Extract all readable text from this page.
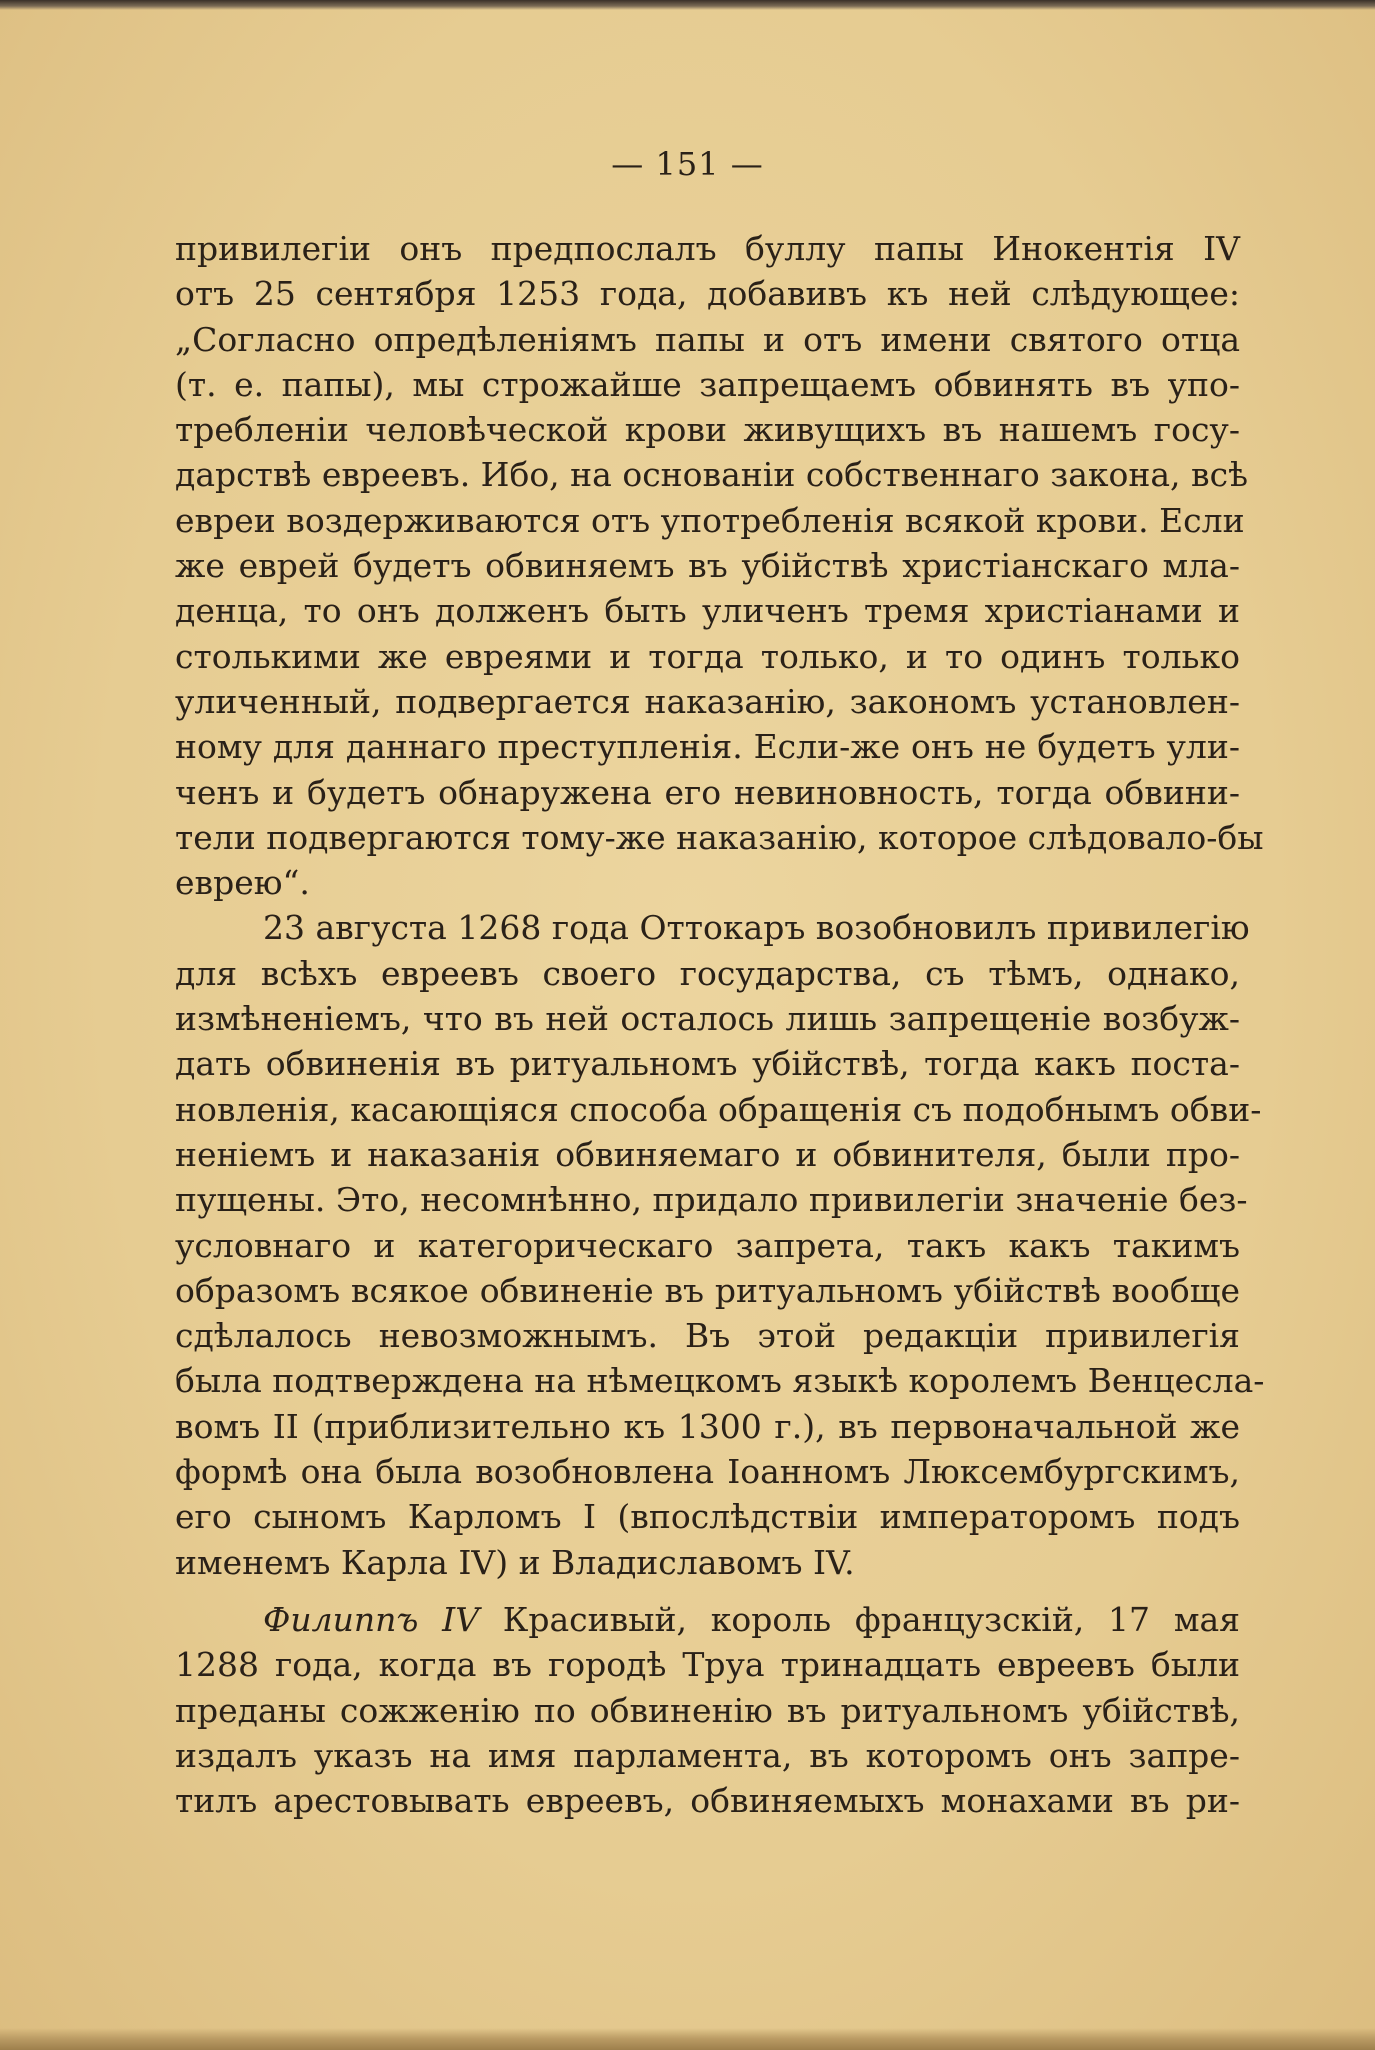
— 151 —
привилегіи онъ предпослалъ буллу папы Инокентія IV
отъ 25 сентября 1253 года, добавивъ къ ней слѣдующее:
„Согласно опредѣленіямъ папы и отъ имени святого отца
(т. е. папы), мы строжайше запрещаемъ обвинять въ упо-
требленіи человѣческой крови живущихъ въ нашемъ госу-
дарствѣ евреевъ. Ибо, на основаніи собственнаго закона, всѣ
евреи воздерживаются отъ употребленія всякой крови. Если
же еврей будетъ обвиняемъ въ убійствѣ христіанскаго мла-
денца, то онъ долженъ быть уличенъ тремя христіанами и
столькими же евреями и тогда только, и то одинъ только
уличенный, подвергается наказанію, закономъ установлен-
ному для даннаго преступленія. Если-же онъ не будетъ ули-
ченъ и будетъ обнаружена его невиновность, тогда обвини-
тели подвергаются тому-же наказанію, которое слѣдовало-бы
еврею“.
23 августа 1268 года Оттокаръ возобновилъ привилегію
для всѣхъ евреевъ своего государства, съ тѣмъ, однако,
измѣненіемъ, что въ ней осталось лишь запрещеніе возбуж-
дать обвиненія въ ритуальномъ убійствѣ, тогда какъ поста-
новленія, касающіяся способа обращенія съ подобнымъ обви-
неніемъ и наказанія обвиняемаго и обвинителя, были про-
пущены. Это, несомнѣнно, придало привилегіи значеніе без-
условнаго и категорическаго запрета, такъ какъ такимъ
образомъ всякое обвиненіе въ ритуальномъ убійствѣ вообще
сдѣлалось невозможнымъ. Въ этой редакціи привилегія
была подтверждена на нѣмецкомъ языкѣ королемъ Венцесла-
вомъ II (приблизительно къ 1300 г.), въ первоначальной же
формѣ она была возобновлена Іоанномъ Люксембургскимъ,
его сыномъ Карломъ I (впослѣдствіи императоромъ подъ
именемъ Карла IV) и Владиславомъ IV.
Филиппъ IV Красивый, король французскій, 17 мая
1288 года, когда въ городѣ Труа тринадцать евреевъ были
преданы сожженію по обвиненію въ ритуальномъ убійствѣ,
издалъ указъ на имя парламента, въ которомъ онъ запре-
тилъ арестовывать евреевъ, обвиняемыхъ монахами въ ри-
